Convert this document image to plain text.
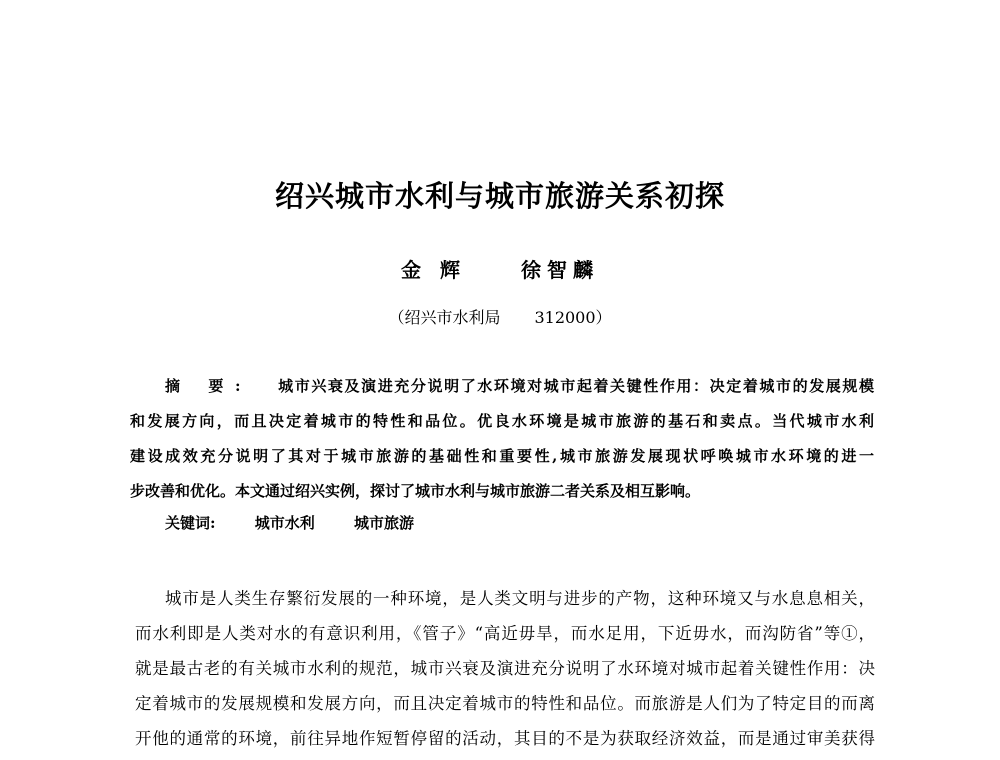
绍兴城市水利与城市旅游关系初探
金 辉	徐智麟
（绍兴市水利局 312000）
摘 要: 城市兴衰及演进充分说明了水环境对城市起着关键性作用：决定着城市的发展规模
和发展方向，而且决定着城市的特性和品位。优良水环境是城市旅游的基石和卖点。当代城市水利
建设成效充分说明了其对于城市旅游的基础性和重要性,城市旅游发展现状呼唤城市水环境的进一
步改善和优化。本文通过绍兴实例，探讨了城市水利与城市旅游二者关系及相互影响。
关键词:	城市水利	城市旅游
城市是人类生存繁衍发展的一种环境，是人类文明与进步的产物，这种环境又与水息息相关，
而水利即是人类对水的有意识利用，《管子》“高近毋旱，而水足用，下近毋水，而沟防省”等①，
就是最古老的有关城市水利的规范，城市兴衰及演进充分说明了水环境对城市起着关键性作用：决
定着城市的发展规模和发展方向，而且决定着城市的特性和品位。而旅游是人们为了特定目的而离
开他的通常的环境，前往异地作短暂停留的活动，其目的不是为获取经济效益，而是通过审美获得
